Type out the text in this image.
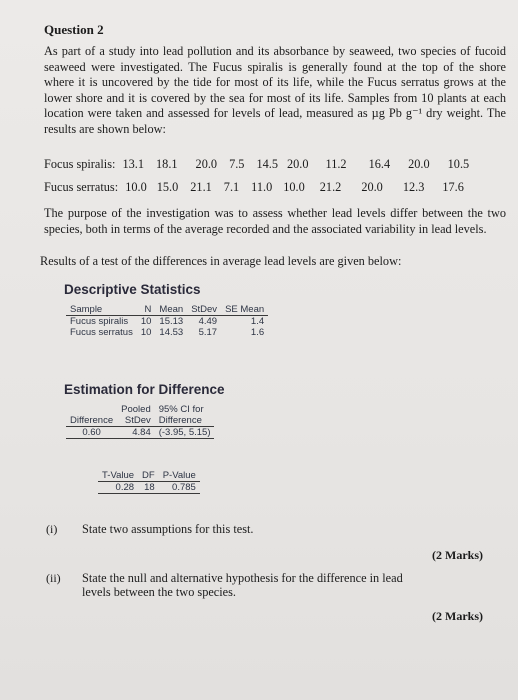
Question 2
As part of a study into lead pollution and its absorbance by seaweed, two species of fucoid seaweed were investigated. The Fucus spiralis is generally found at the top of the shore where it is uncovered by the tide for most of its life, while the Fucus serratus grows at the lower shore and it is covered by the sea for most of its life. Samples from 10 plants at each location were taken and assessed for levels of lead, measured as µg Pb g⁻¹ dry weight. The results are shown below:
Focus spiralis: 13.1 18.1 20.0 7.5 14.5 20.0 11.2 16.4 20.0 10.5
Fucus serratus: 10.0 15.0 21.1 7.1 11.0 10.0 21.2 20.0 12.3 17.6
The purpose of the investigation was to assess whether lead levels differ between the two species, both in terms of the average recorded and the associated variability in lead levels.
Results of a test of the differences in average lead levels are given below:
Descriptive Statistics
Sample	N	Mean	StDev	SE Mean
Fucus spiralis	10	15.13	4.49	1.4
Fucus serratus	10	14.53	5.17	1.6
Estimation for Difference
	Pooled	95% CI for
Difference	StDev	Difference
0.60	4.84	(-3.95, 5.15)
T-Value	DF	P-Value
0.28	18	0.785
(i) State two assumptions for this test.
(2 Marks)
(ii) State the null and alternative hypothesis for the difference in lead levels between the two species.
(2 Marks)
